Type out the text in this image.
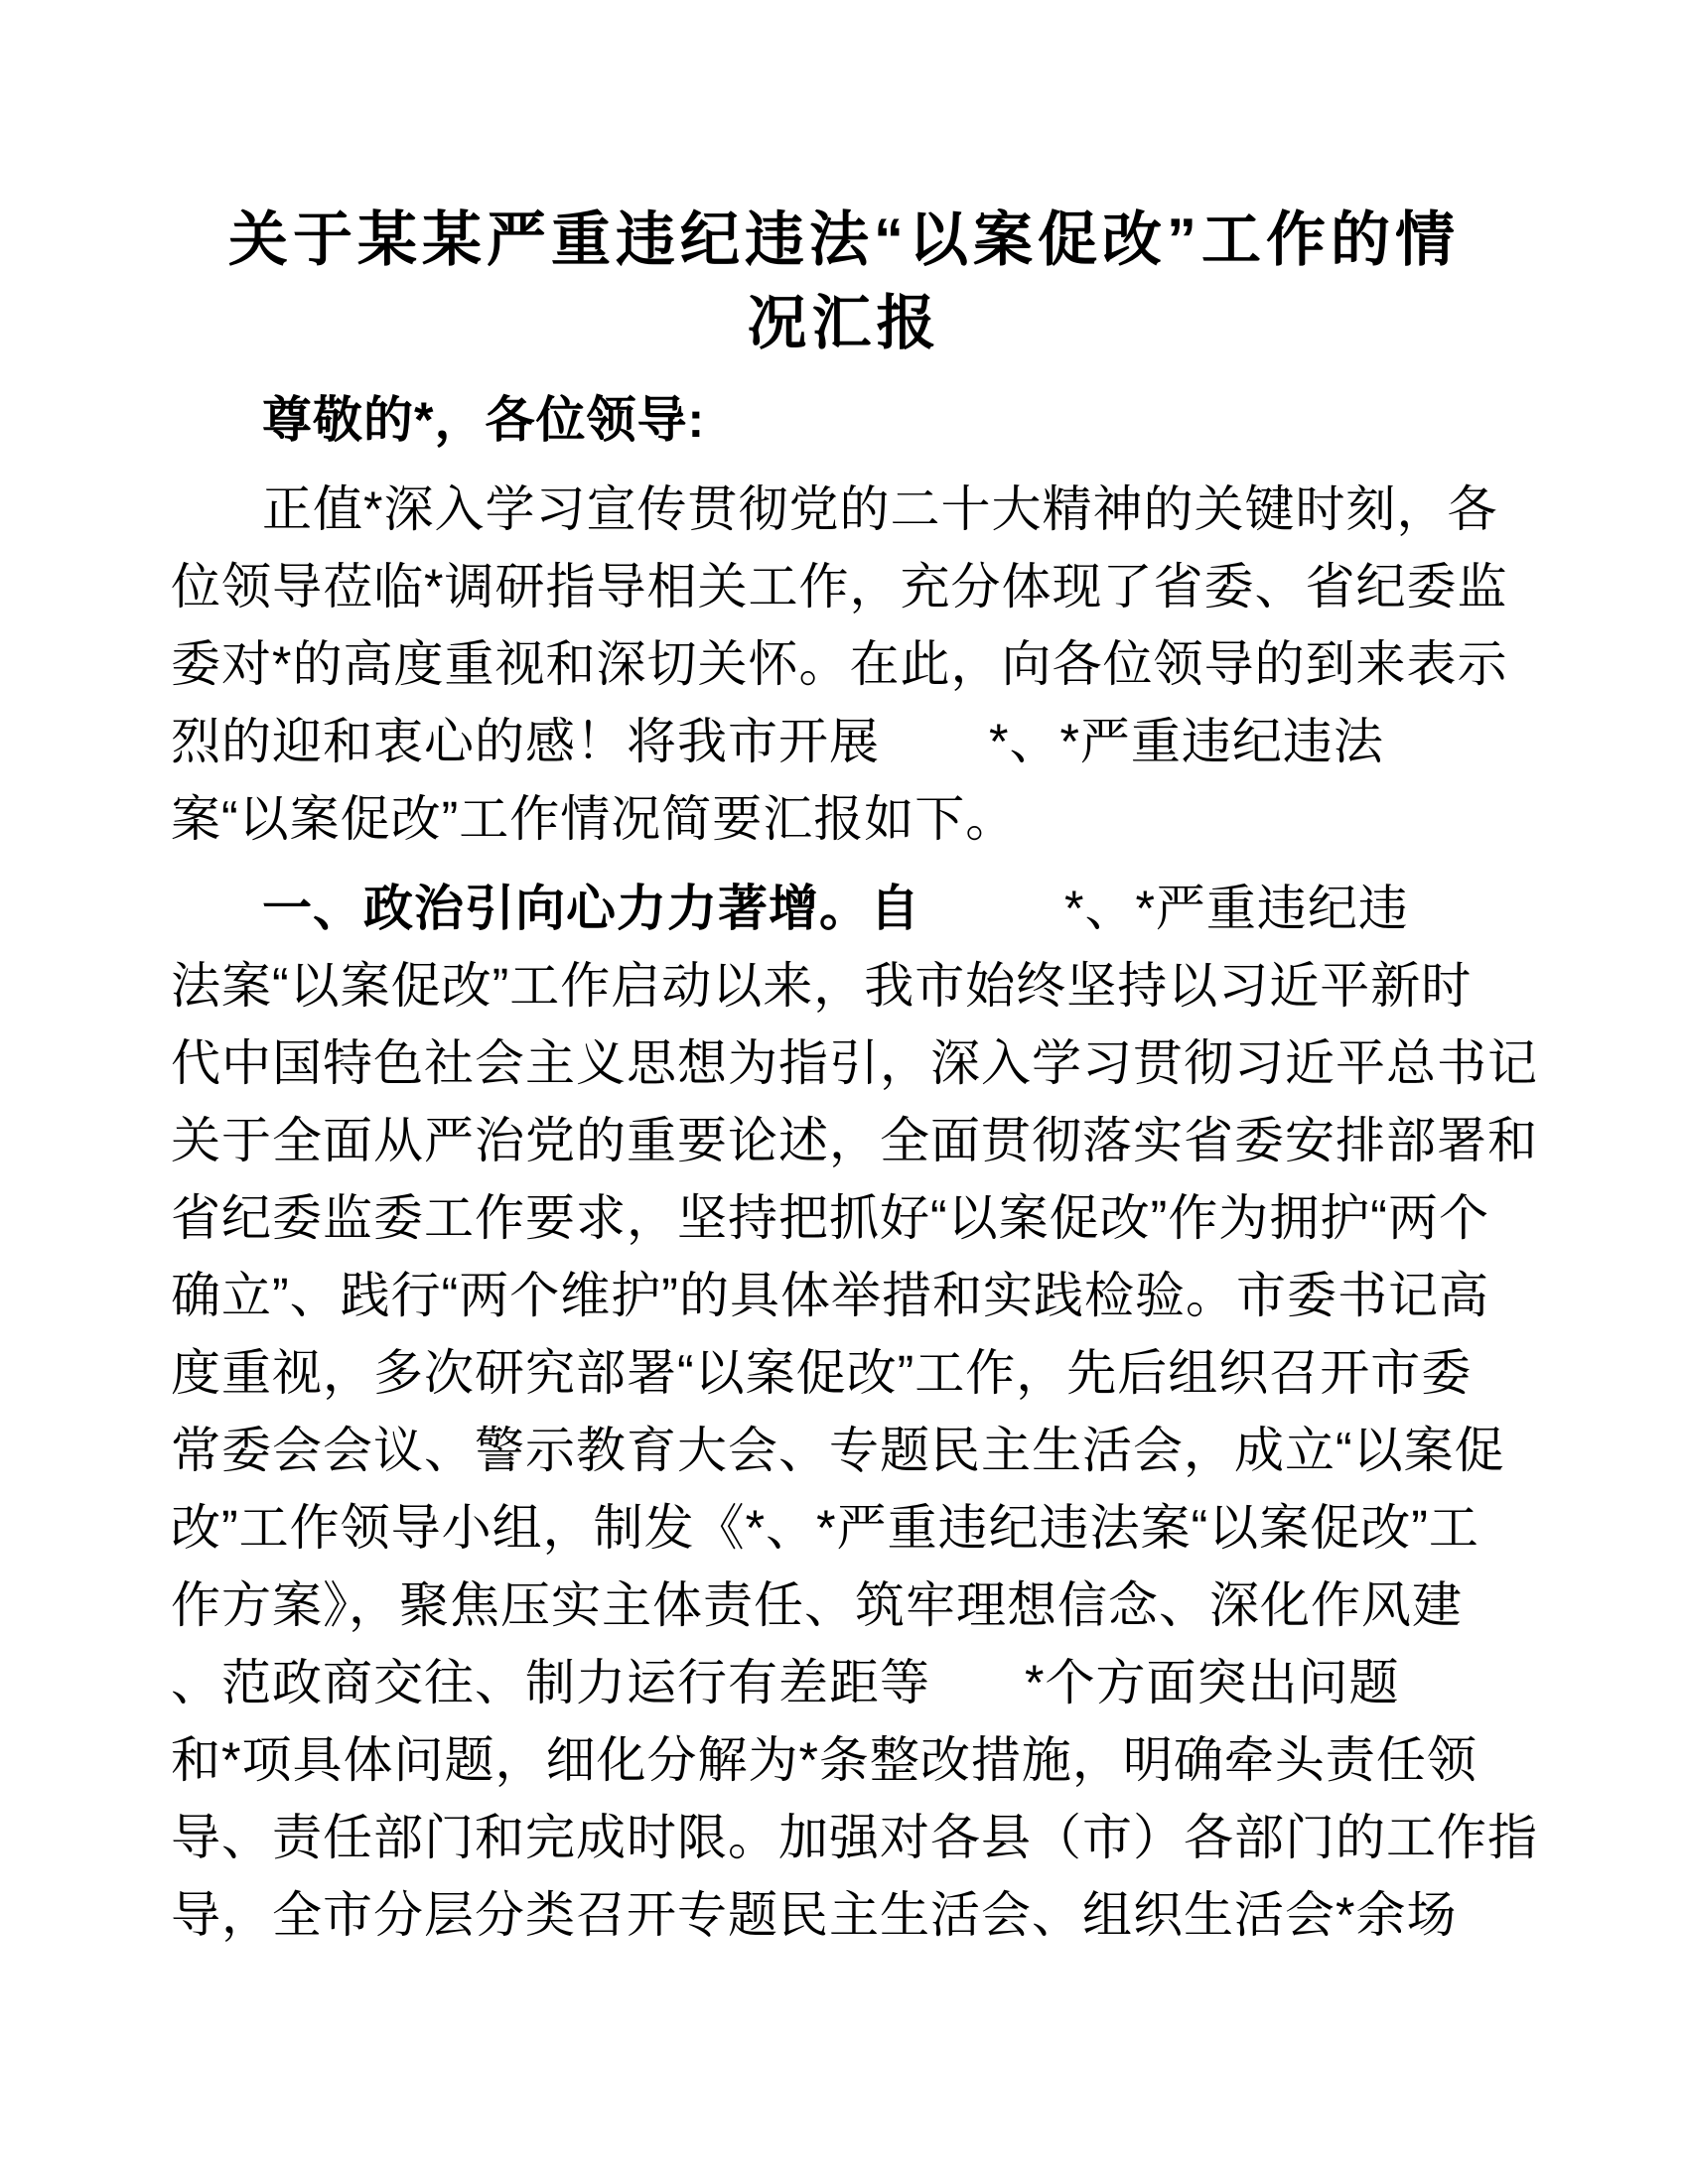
关于某某严重违纪违法“以案促改”工作的情
况汇报
尊敬的*，各位领导:
正值*深入学习宣传贯彻党的二十大精神的关键时刻，各
位领导莅临*调研指导相关工作，充分体现了省委、省纪委监
委对*的高度重视和深切关怀。在此，向各位领导的到来表示
烈的迎和衷心的感！将我市开展 *、*严重违纪违法
案“以案促改”工作情况简要汇报如下。
一、政治引向心力力著增。自	*、*严重违纪违
法案“以案促改”工作启动以来，我市始终坚持以习近平新时
代中国特色社会主义思想为指引，深入学习贯彻习近平总书记
关于全面从严治党的重要论述，全面贯彻落实省委安排部署和
省纪委监委工作要求，坚持把抓好“以案促改”作为拥护“两个
确立”、践行“两个维护”的具体举措和实践检验。市委书记高
度重视，多次研究部署“以案促改”工作，先后组织召开市委
常委会会议、警示教育大会、专题民主生活会，成立“以案促
改”工作领导小组，制发《*、*严重违纪违法案“以案促改”工
作方案》，聚焦压实主体责任、筑牢理想信念、深化作风建
、范政商交往、制力运行有差距等 *个方面突出问题
和*项具体问题，细化分解为*条整改措施，明确牵头责任领
导、责任部门和完成时限。加强对各县（市）各部门的工作指
导，全市分层分类召开专题民主生活会、组织生活会*余场
